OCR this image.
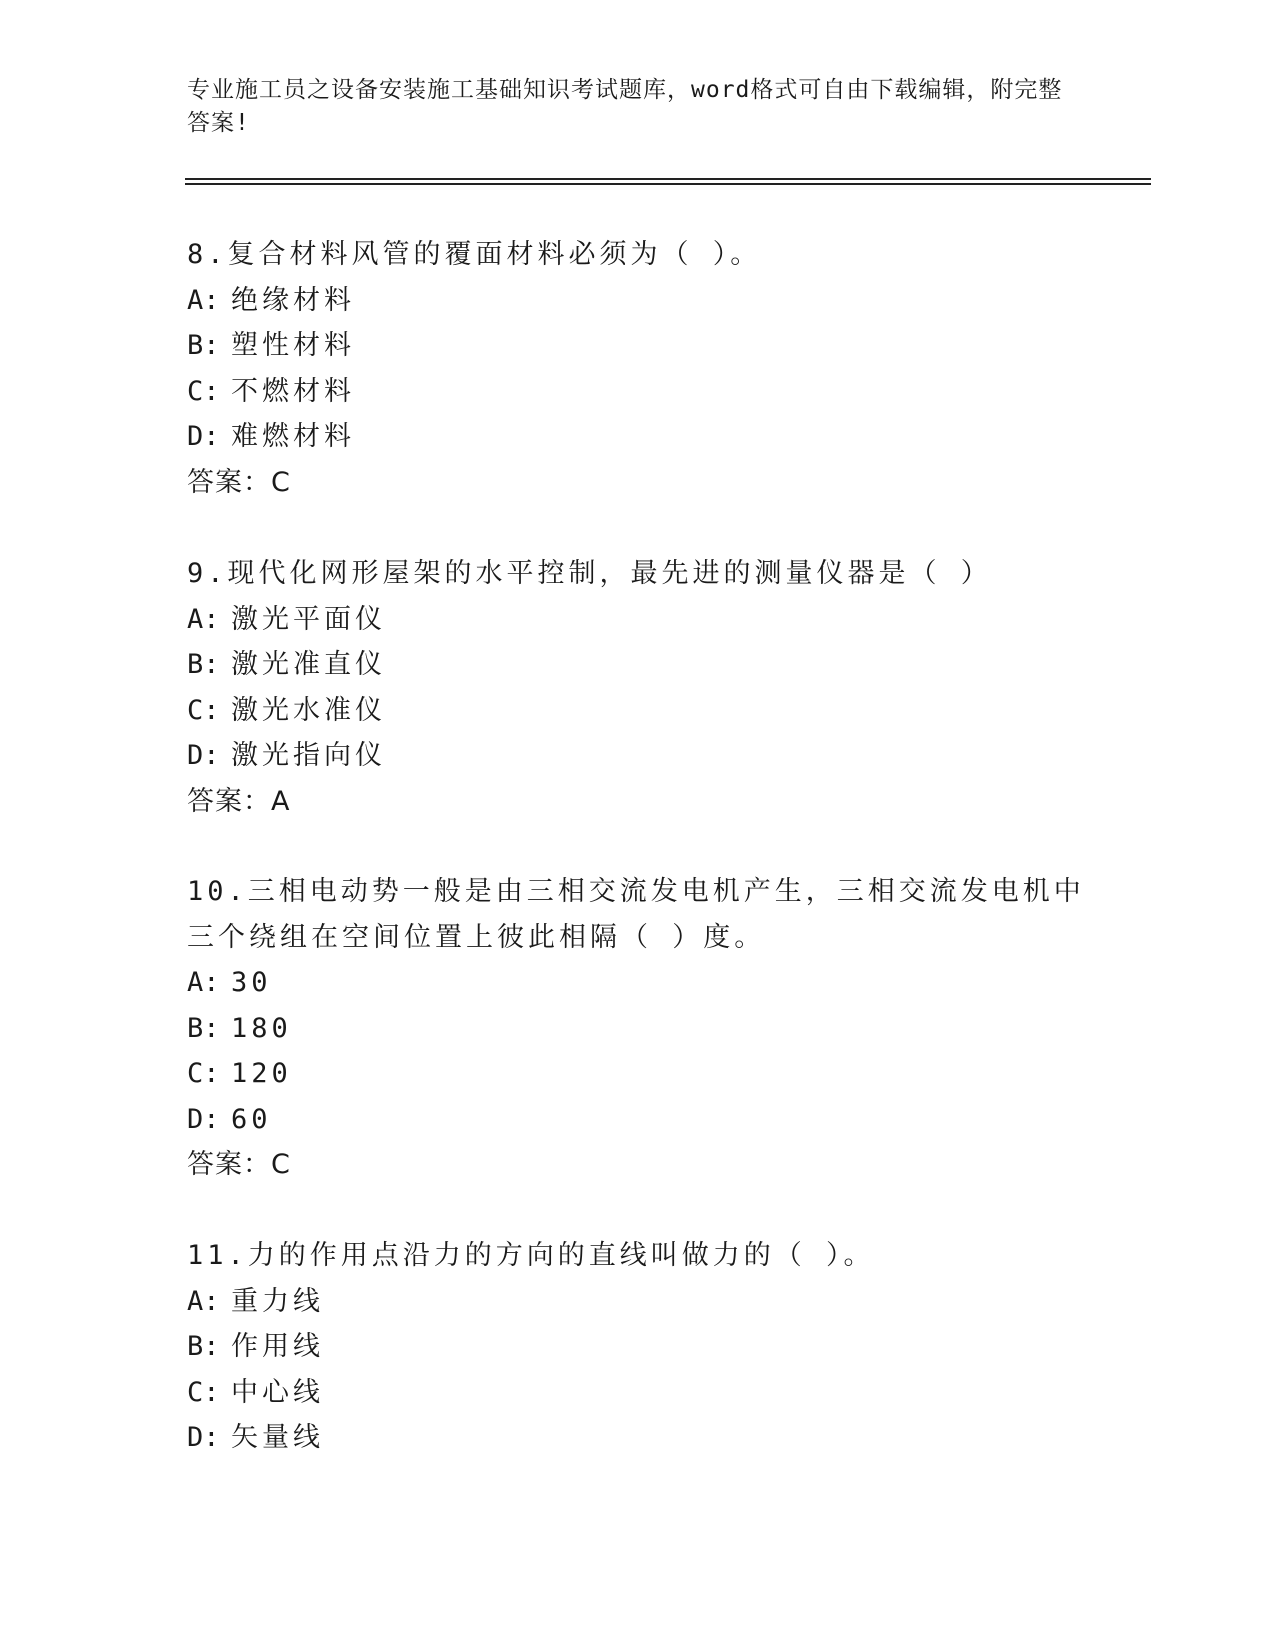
专业施工员之设备安装施工基础知识考试题库，word格式可自由下载编辑，附完整答案!

8.复合材料风管的覆面材料必须为（ ）。

A: 绝缘材料
B: 塑性材料
C: 不燃材料
D: 难燃材料
答案：C

9.现代化网形屋架的水平控制，最先进的测量仪器是（ ）

A: 激光平面仪
B: 激光准直仪
C: 激光水准仪
D: 激光指向仪
答案：A

10.三相电动势一般是由三相交流发电机产生，三相交流发电机中三个绕组在空间位置上彼此相隔（ ）度。

A: 30
B: 180
C: 120
D: 60
答案：C

11.力的作用点沿力的方向的直线叫做力的（ ）。

A: 重力线
B: 作用线
C: 中心线
D: 矢量线
